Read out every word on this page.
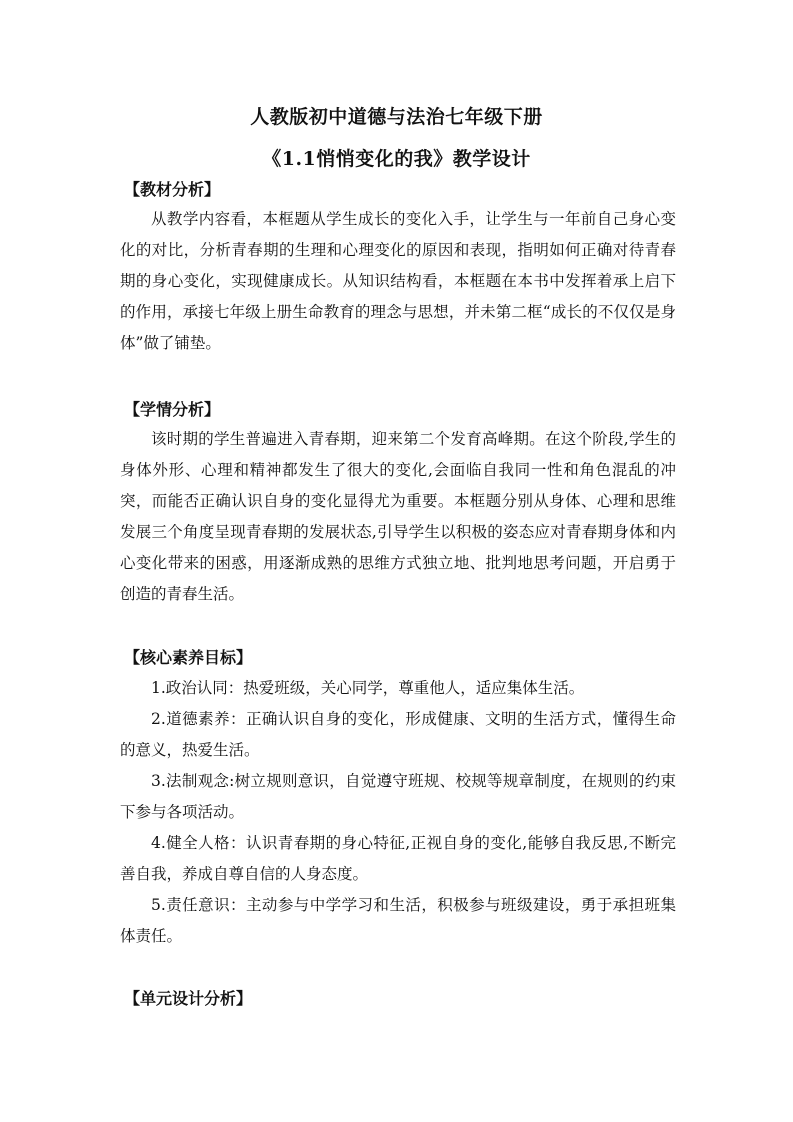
人教版初中道德与法治七年级下册
《1.1悄悄变化的我》教学设计
【教材分析】

从教学内容看，本框题从学生成长的变化入手，让学生与一年前自己身心变化的对比，分析青春期的生理和心理变化的原因和表现，指明如何正确对待青春期的身心变化，实现健康成长。从知识结构看，本框题在本书中发挥着承上启下的作用，承接七年级上册生命教育的理念与思想，并未第二框“成长的不仅仅是身体”做了铺垫。

【学情分析】

该时期的学生普遍进入青春期，迎来第二个发育高峰期。在这个阶段,学生的身体外形、心理和精神都发生了很大的变化,会面临自我同一性和角色混乱的冲突，而能否正确认识自身的变化显得尤为重要。本框题分别从身体、心理和思维发展三个角度呈现青春期的发展状态,引导学生以积极的姿态应对青春期身体和内心变化带来的困惑，用逐渐成熟的思维方式独立地、批判地思考问题，开启勇于创造的青春生活。

【核心素养目标】

1.政治认同：热爱班级，关心同学，尊重他人，适应集体生活。

2.道德素养：正确认识自身的变化，形成健康、文明的生活方式，懂得生命的意义，热爱生活。

3.法制观念:树立规则意识，自觉遵守班规、校规等规章制度，在规则的约束下参与各项活动。

4.健全人格：认识青春期的身心特征,正视自身的变化,能够自我反思,不断完善自我，养成自尊自信的人身态度。

5.责任意识：主动参与中学学习和生活，积极参与班级建设，勇于承担班集体责任。

【单元设计分析】
